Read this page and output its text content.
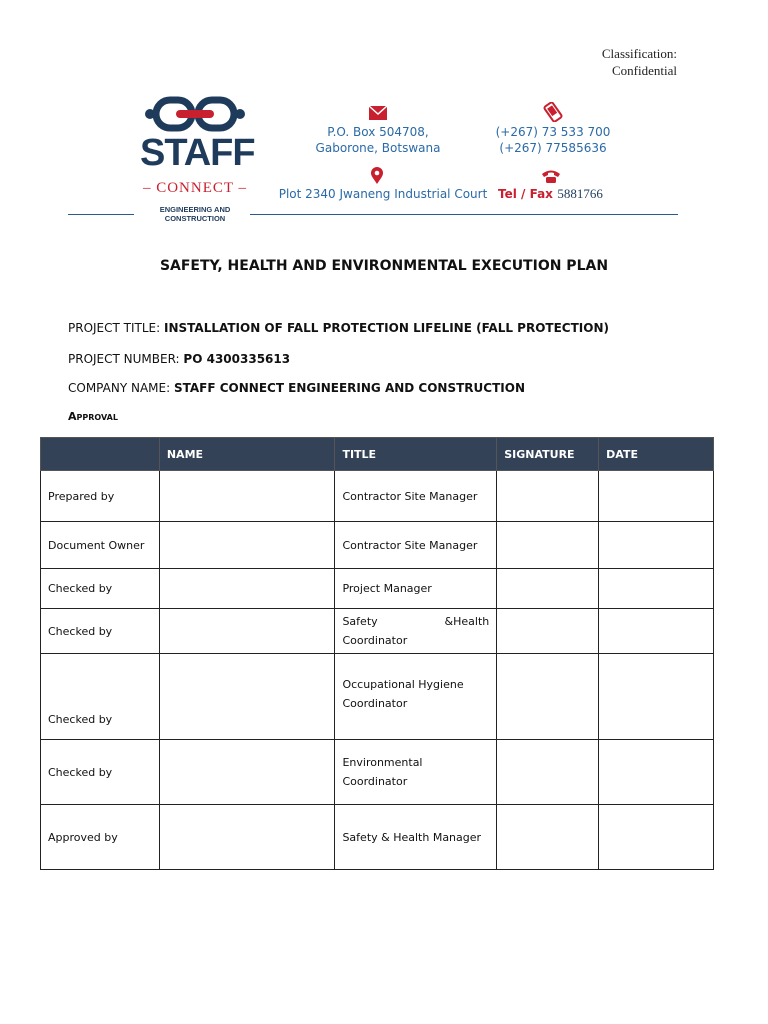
Classification:
Confidential
STAFF
– CONNECT –
ENGINEERING AND CONSTRUCTION
P.O. Box 504708,
Gaborone, Botswana
(+267) 73 533 700
(+267) 77585636
Plot 2340 Jwaneng Industrial Court Tel / Fax 5881766
SAFETY, HEALTH AND ENVIRONMENTAL EXECUTION PLAN
PROJECT TITLE: INSTALLATION OF FALL PROTECTION LIFELINE (FALL PROTECTION)
PROJECT NUMBER: PO 4300335613
COMPANY NAME: STAFF CONNECT ENGINEERING AND CONSTRUCTION
Approval
	NAME	TITLE	SIGNATURE	DATE
Prepared by		Contractor Site Manager		
Document Owner		Contractor Site Manager		
Checked by		Project Manager		
Checked by		Safety &Health
Coordinator		

Checked by		Occupational Hygiene
Coordinator		

Checked by		Environmental
Coordinator		

Approved by		Safety & Health Manager		
